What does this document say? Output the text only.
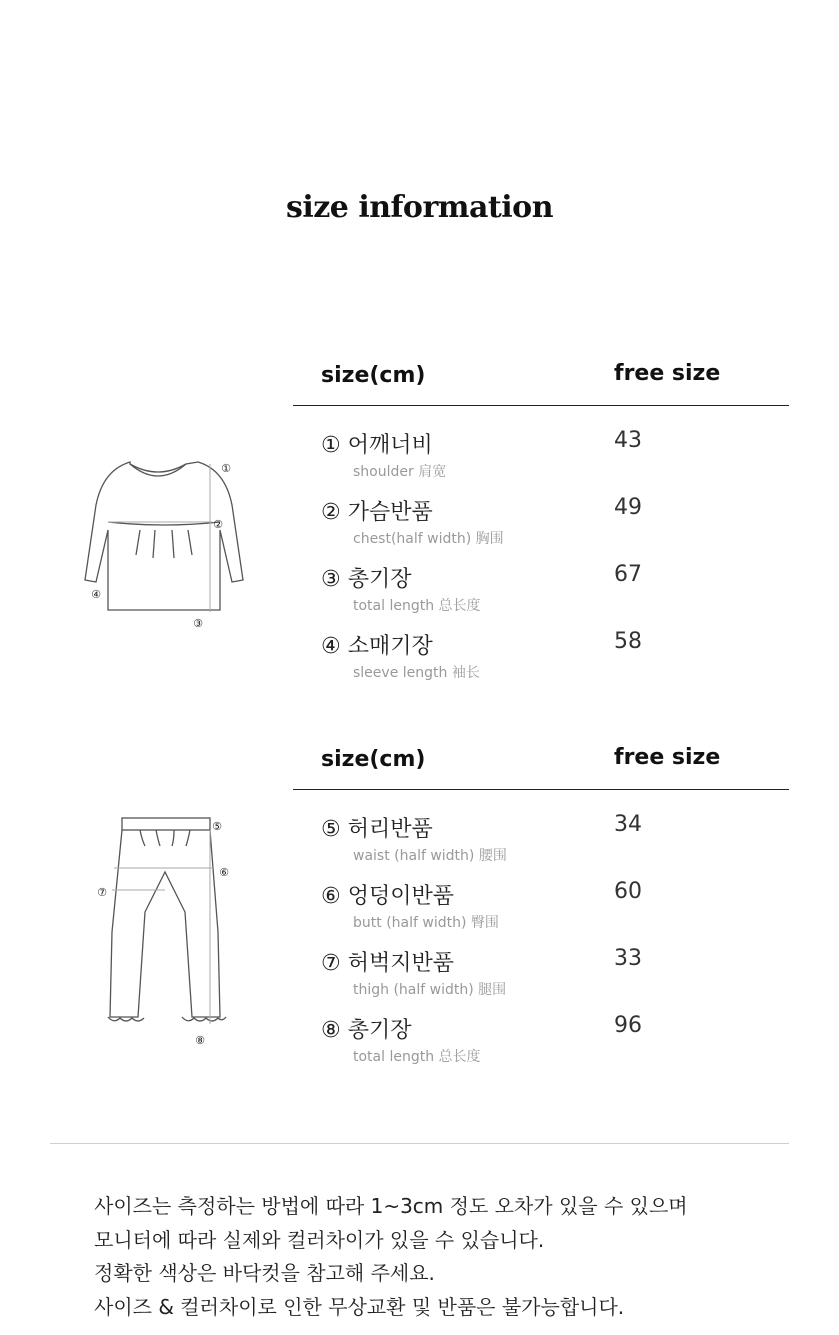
size information
①
②
③
④
⑤
⑥
⑦
⑧
size(cm)	free size
① 어깨너비
shoulder 肩宽
43
② 가슴반품
chest(half width) 胸围
49
③ 총기장
total length 总长度
67
④ 소매기장
sleeve length 袖长
58
size(cm)	free size
⑤ 허리반품
waist (half width) 腰围
34
⑥ 엉덩이반품
butt (half width) 臀围
60
⑦ 허벅지반품
thigh (half width) 腿围
33
⑧ 총기장
total length 总长度
96
사이즈는 측정하는 방법에 따라 1~3cm 정도 오차가 있을 수 있으며
모니터에 따라 실제와 컬러차이가 있을 수 있습니다.
정확한 색상은 바닥컷을 참고해 주세요.
사이즈 & 컬러차이로 인한 무상교환 및 반품은 불가능합니다.
